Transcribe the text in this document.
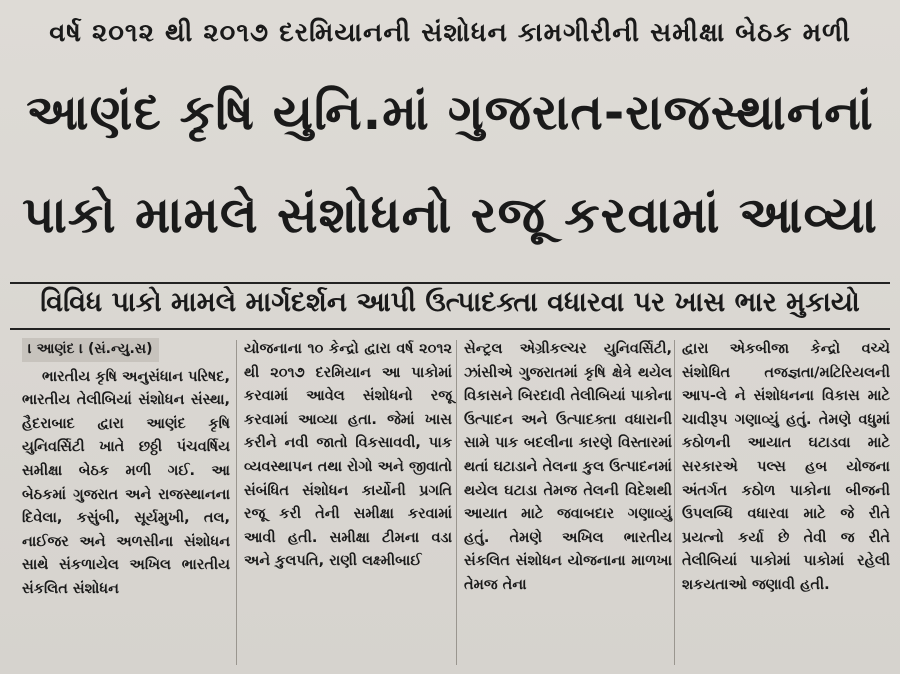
વર્ષ ૨૦૧૨ થી ૨૦૧૭ દરમિયાનની સંશોધન કામગીરીની સમીક્ષા બેઠક મળી
આણંદ કૃષિ યુનિ.માં ગુજરાત-રાજસ્થાનનાં
પાકો મામલે સંશોધનો રજૂ કરવામાં આવ્યા
વિવિધ પાકો મામલે માર્ગદર્શન આપી ઉત્પાદક્તા વધારવા પર ખાસ ભાર મુકાયો
। આણંદ । (સં.ન્યુ.સ)

ભારતીય કૃષિ અનુસંધાન પરિષદ, ભારતીય તેલીબિયાં સંશોધન સંસ્થા, હૈદરાબાદ દ્વારા આણંદ કૃષિ યુનિવર્સિટી ખાતે છઠ્ઠી પંચવર્ષિય સમીક્ષા બેઠક મળી ગઈ. આ બેઠકમાં ગુજરાત અને રાજસ્થાનના દિવેલા, કસુંબી, સૂર્યમુખી, તલ, નાઈજર અને અળસીના સંશોધન સાથે સંકળાયેલ અખિલ ભારતીય સંકલિત સંશોધન

યોજનાના ૧૦ કેન્દ્રો દ્વારા વર્ષ ૨૦૧૨ થી ૨૦૧૭ દરમિયાન આ પાકોમાં કરવામાં આવેલ સંશોધનો રજૂ કરવામાં આવ્યા હતા. જેમાં ખાસ કરીને નવી જાતો વિકસાવવી, પાક વ્યવસ્થાપન તથા રોગો અને જીવાતો સંબંધિત સંશોધન કાર્યોની પ્રગતિ રજૂ કરી તેની સમીક્ષા કરવામાં આવી હતી. સમીક્ષા ટીમના વડા અને કુલપતિ, રાણી લક્ષ્મીબાઈ

સેન્ટ્રલ એગ્રીકલ્ચર યુનિવર્સિટી, ઝાંસીએ ગુજરાતમાં કૃષિ ક્ષેત્રે થયેલ વિકાસને બિરદાવી તેલીબિયાં પાકોના ઉત્પાદન અને ઉત્પાદક્તા વધારાની સામે પાક બદલીના કારણે વિસ્તારમાં થતાં ઘટાડાને તેલના કુલ ઉત્પાદનમાં થયેલ ઘટાડા તેમજ તેલની વિદેશથી આયાત માટે જવાબદાર ગણાવ્યું હતું. તેમણે અખિલ ભારતીય સંકલિત સંશોધન યોજનાના માળખા તેમજ તેના

દ્વારા એકબીજા કેન્દ્રો વચ્ચે સંશોધિત તજજ્ઞતા/મટિરિયલની આપ-લે ને સંશોધનના વિકાસ માટે ચાવીરૂપ ગણાવ્યું હતું. તેમણે વધુમાં કઠોળની આયાત ઘટાડવા માટે સરકારએ પલ્સ હબ યોજના અંતર્ગત કઠોળ પાકોના બીજની ઉપલબ્ધિ વધારવા માટે જે રીતે પ્રયત્નો કર્યા છે તેવી જ રીતે તેલીબિયાં પાકોમાં પાકોમાં રહેલી શકયતાઓ જણાવી હતી.
